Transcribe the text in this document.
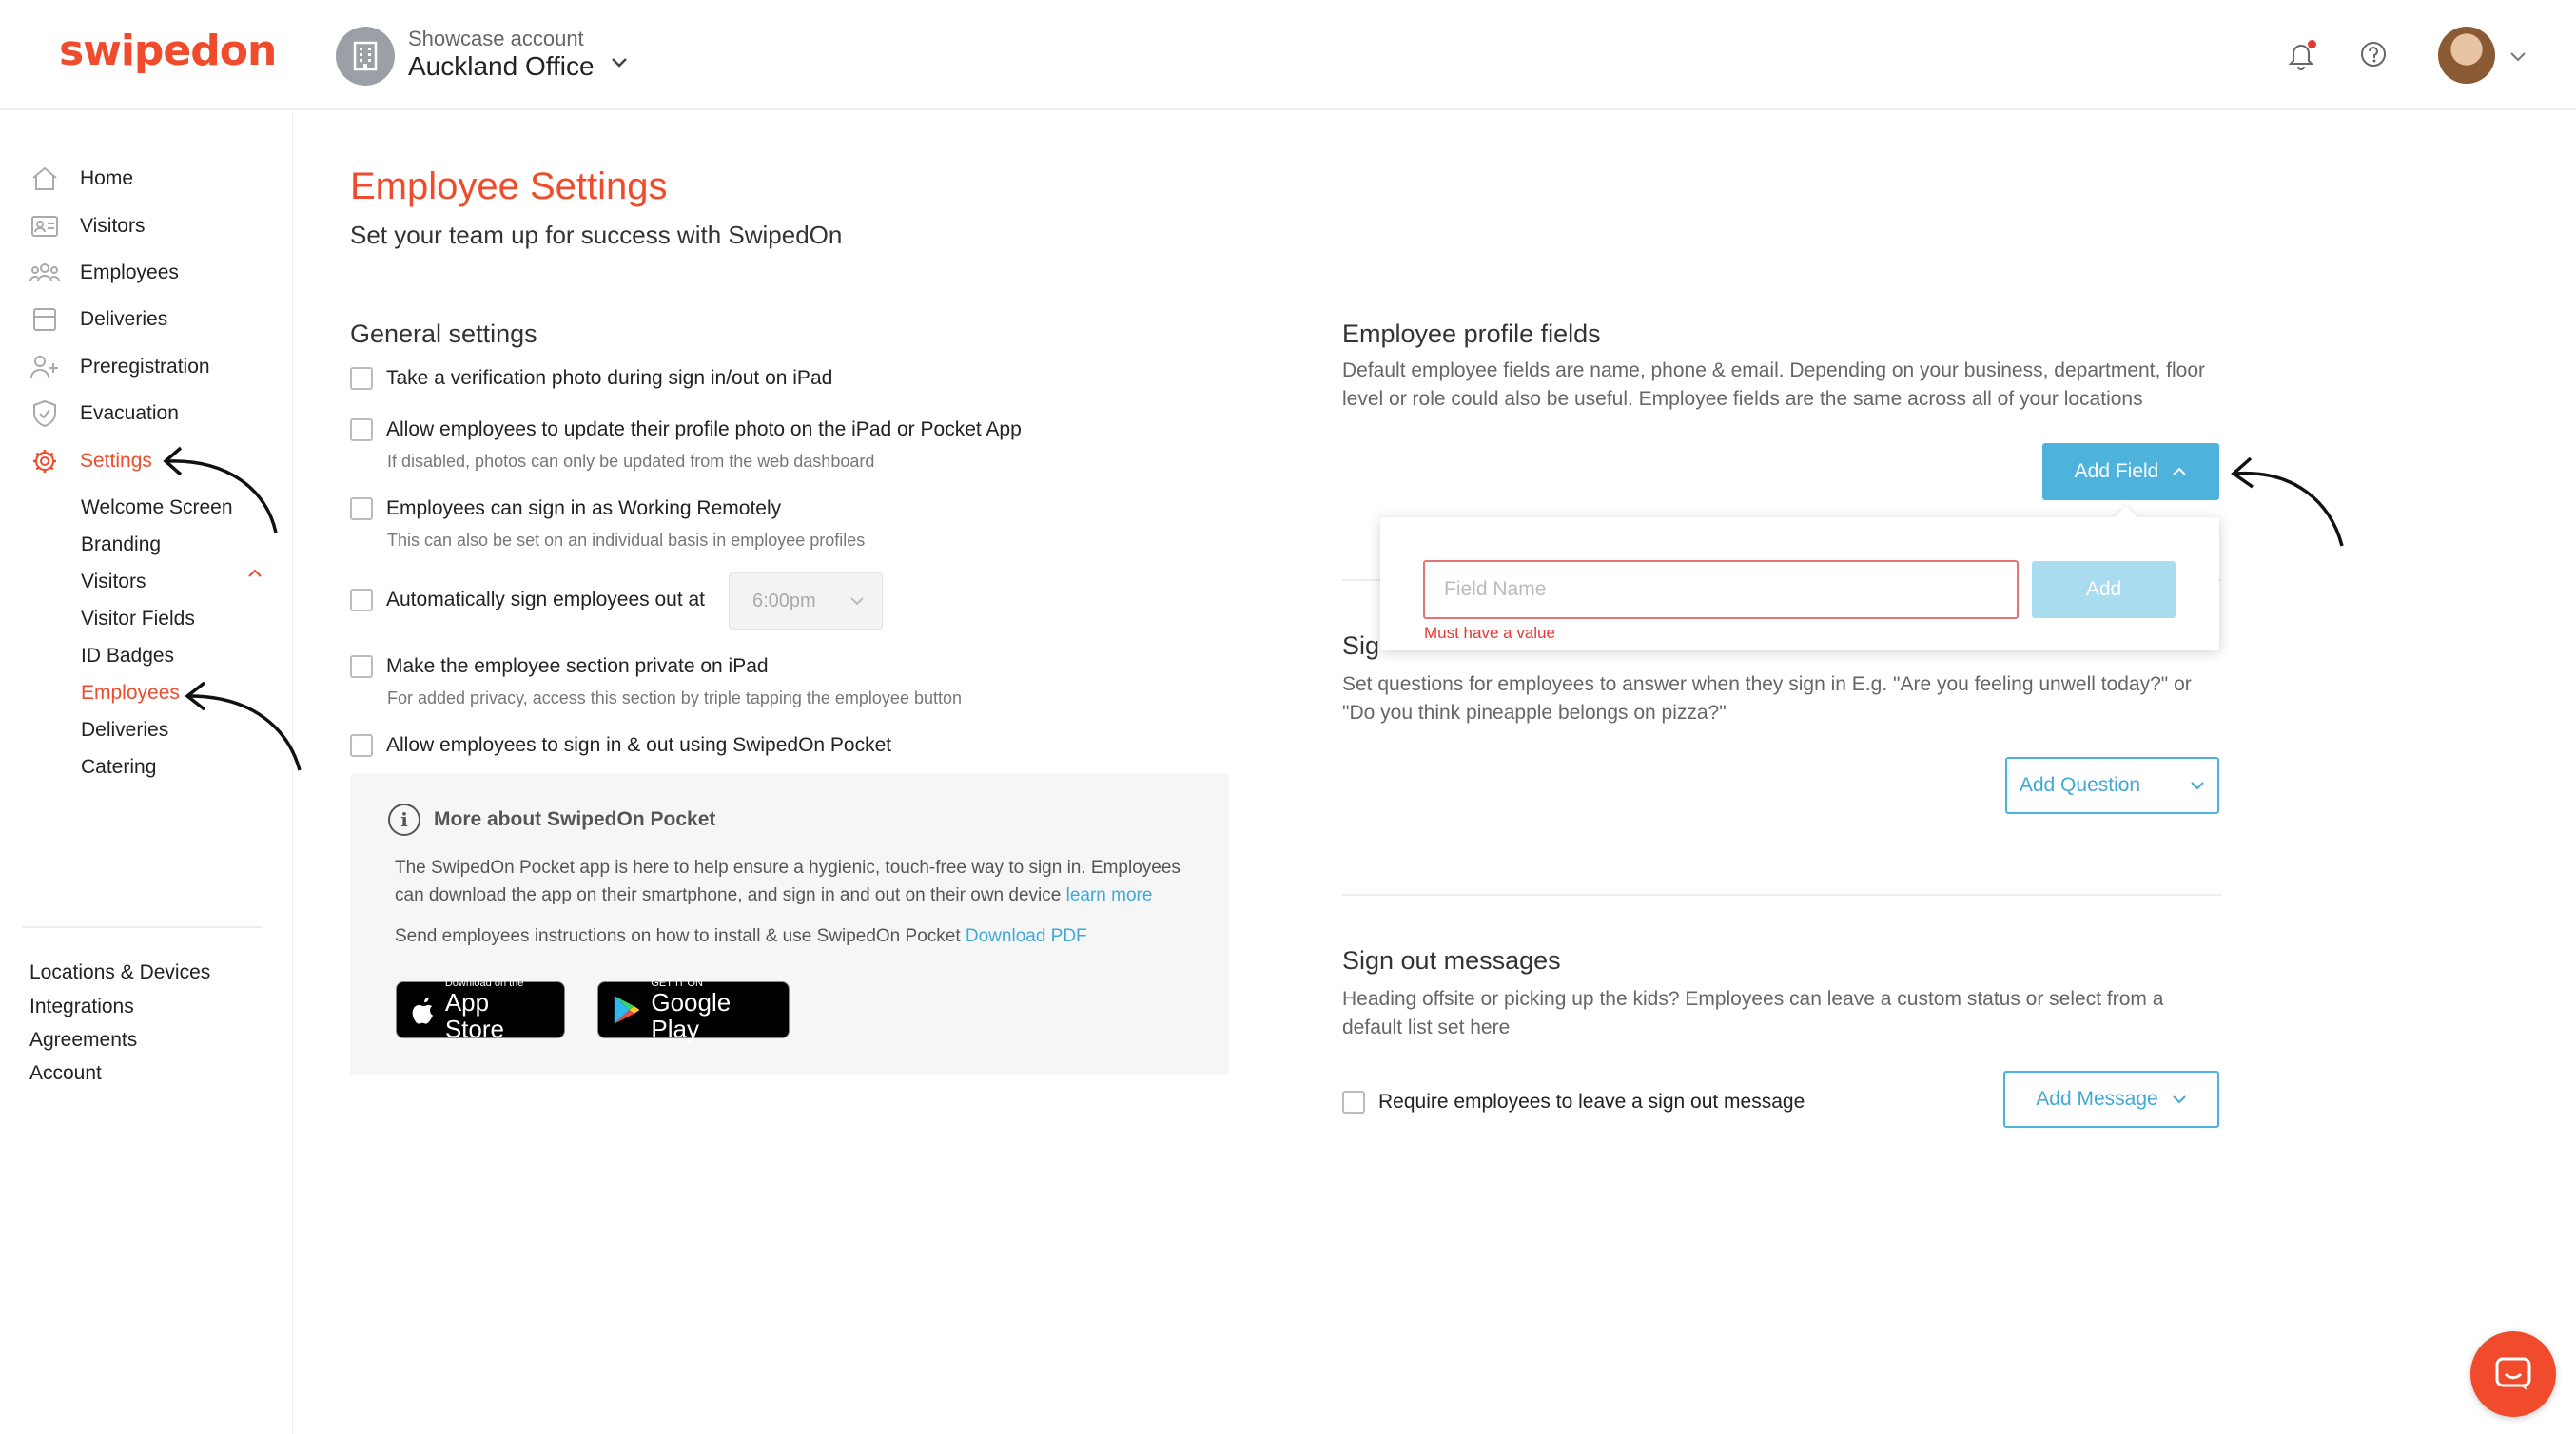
swipedon	Showcase account
Auckland Office
Home
Visitors
Employees
Deliveries
Preregistration
Evacuation
Settings
Welcome Screen
Branding
Visitors
Visitor Fields
ID Badges
Employees
Deliveries
Catering
Locations & Devices
Integrations
Agreements
Account
Employee Settings
Set your team up for success with SwipedOn
General settings
Take a verification photo during sign in/out on iPad
Allow employees to update their profile photo on the iPad or Pocket App
If disabled, photos can only be updated from the web dashboard
Employees can sign in as Working Remotely
This can also be set on an individual basis in employee profiles
Automatically sign employees out at 6:00pm
Make the employee section private on iPad
For added privacy, access this section by triple tapping the employee button
Allow employees to sign in & out using SwipedOn Pocket
i	More about SwipedOn Pocket
The SwipedOn Pocket app is here to help ensure a hygienic, touch-free way to sign in. Employees can download the app on their smartphone, and sign in and out on their own device learn more
Send employees instructions on how to install & use SwipedOn Pocket Download PDF
Download on the
App Store
GET IT ON
Google Play
Employee profile fields
Default employee fields are name, phone & email. Depending on your business, department, floor level or role could also be useful. Employee fields are the same across all of your locations
Add Field
Sig
Set questions for employees to answer when they sign in E.g. "Are you feeling unwell today?" or "Do you think pineapple belongs on pizza?"
Add Question
Field Name
Must have a value
Add
Sign out messages
Heading offsite or picking up the kids? Employees can leave a custom status or select from a default list set here
Require employees to leave a sign out message	Add Message
